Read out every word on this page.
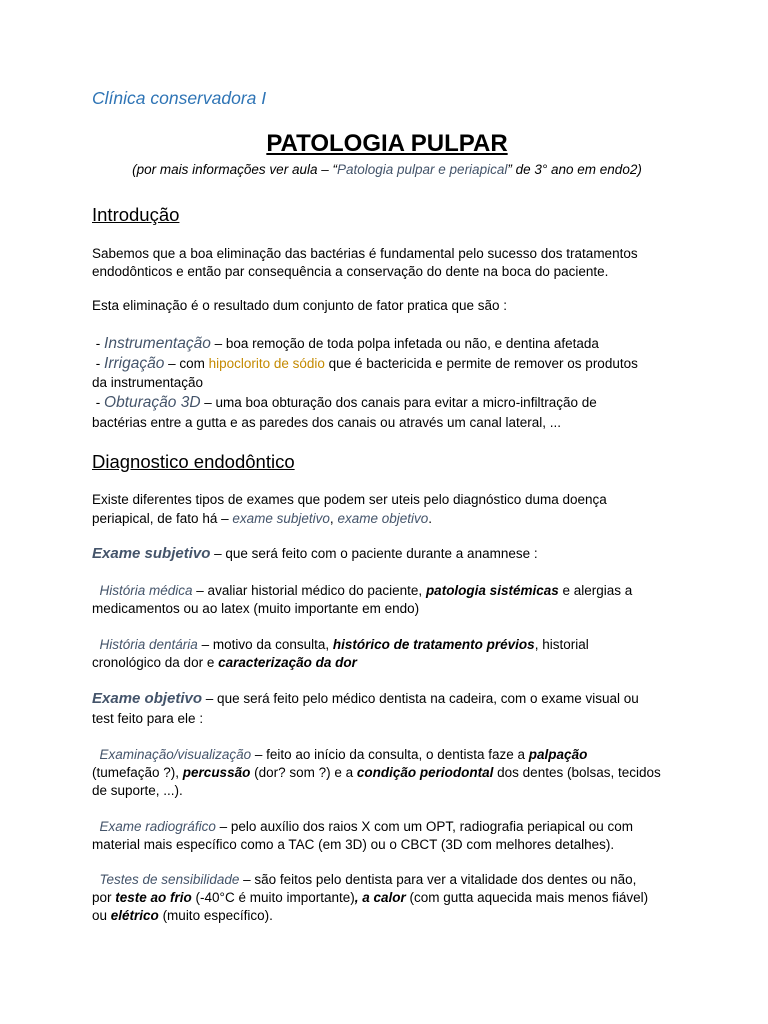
Clínica conservadora I
PATOLOGIA PULPAR
(por mais informações ver aula – “Patologia pulpar e periapical” de 3° ano em endo2)
Introdução
Sabemos que a boa eliminação das bactérias é fundamental pelo sucesso dos tratamentos
endodônticos e então par consequência a conservação do dente na boca do paciente.
Esta eliminação é o resultado dum conjunto de fator pratica que são :
- Instrumentação – boa remoção de toda polpa infetada ou não, e dentina afetada
- Irrigação – com hipoclorito de sódio que é bactericida e permite de remover os produtos
da instrumentação
- Obturação 3D – uma boa obturação dos canais para evitar a micro-infiltração de
bactérias entre a gutta e as paredes dos canais ou através um canal lateral, ...
Diagnostico endodôntico
Existe diferentes tipos de exames que podem ser uteis pelo diagnóstico duma doença
periapical, de fato há – exame subjetivo, exame objetivo.
Exame subjetivo – que será feito com o paciente durante a anamnese :
História médica – avaliar historial médico do paciente, patologia sistémicas e alergias a
medicamentos ou ao latex (muito importante em endo)
História dentária – motivo da consulta, histórico de tratamento prévios, historial
cronológico da dor e caracterização da dor
Exame objetivo – que será feito pelo médico dentista na cadeira, com o exame visual ou
test feito para ele :
Examinação/visualização – feito ao início da consulta, o dentista faze a palpação
(tumefação ?), percussão (dor? som ?) e a condição periodontal dos dentes (bolsas, tecidos
de suporte, ...).
Exame radiográfico – pelo auxílio dos raios X com um OPT, radiografia periapical ou com
material mais específico como a TAC (em 3D) ou o CBCT (3D com melhores detalhes).
Testes de sensibilidade – são feitos pelo dentista para ver a vitalidade dos dentes ou não,
por teste ao frio (-40°C é muito importante), a calor (com gutta aquecida mais menos fiável)
ou elétrico (muito específico).
